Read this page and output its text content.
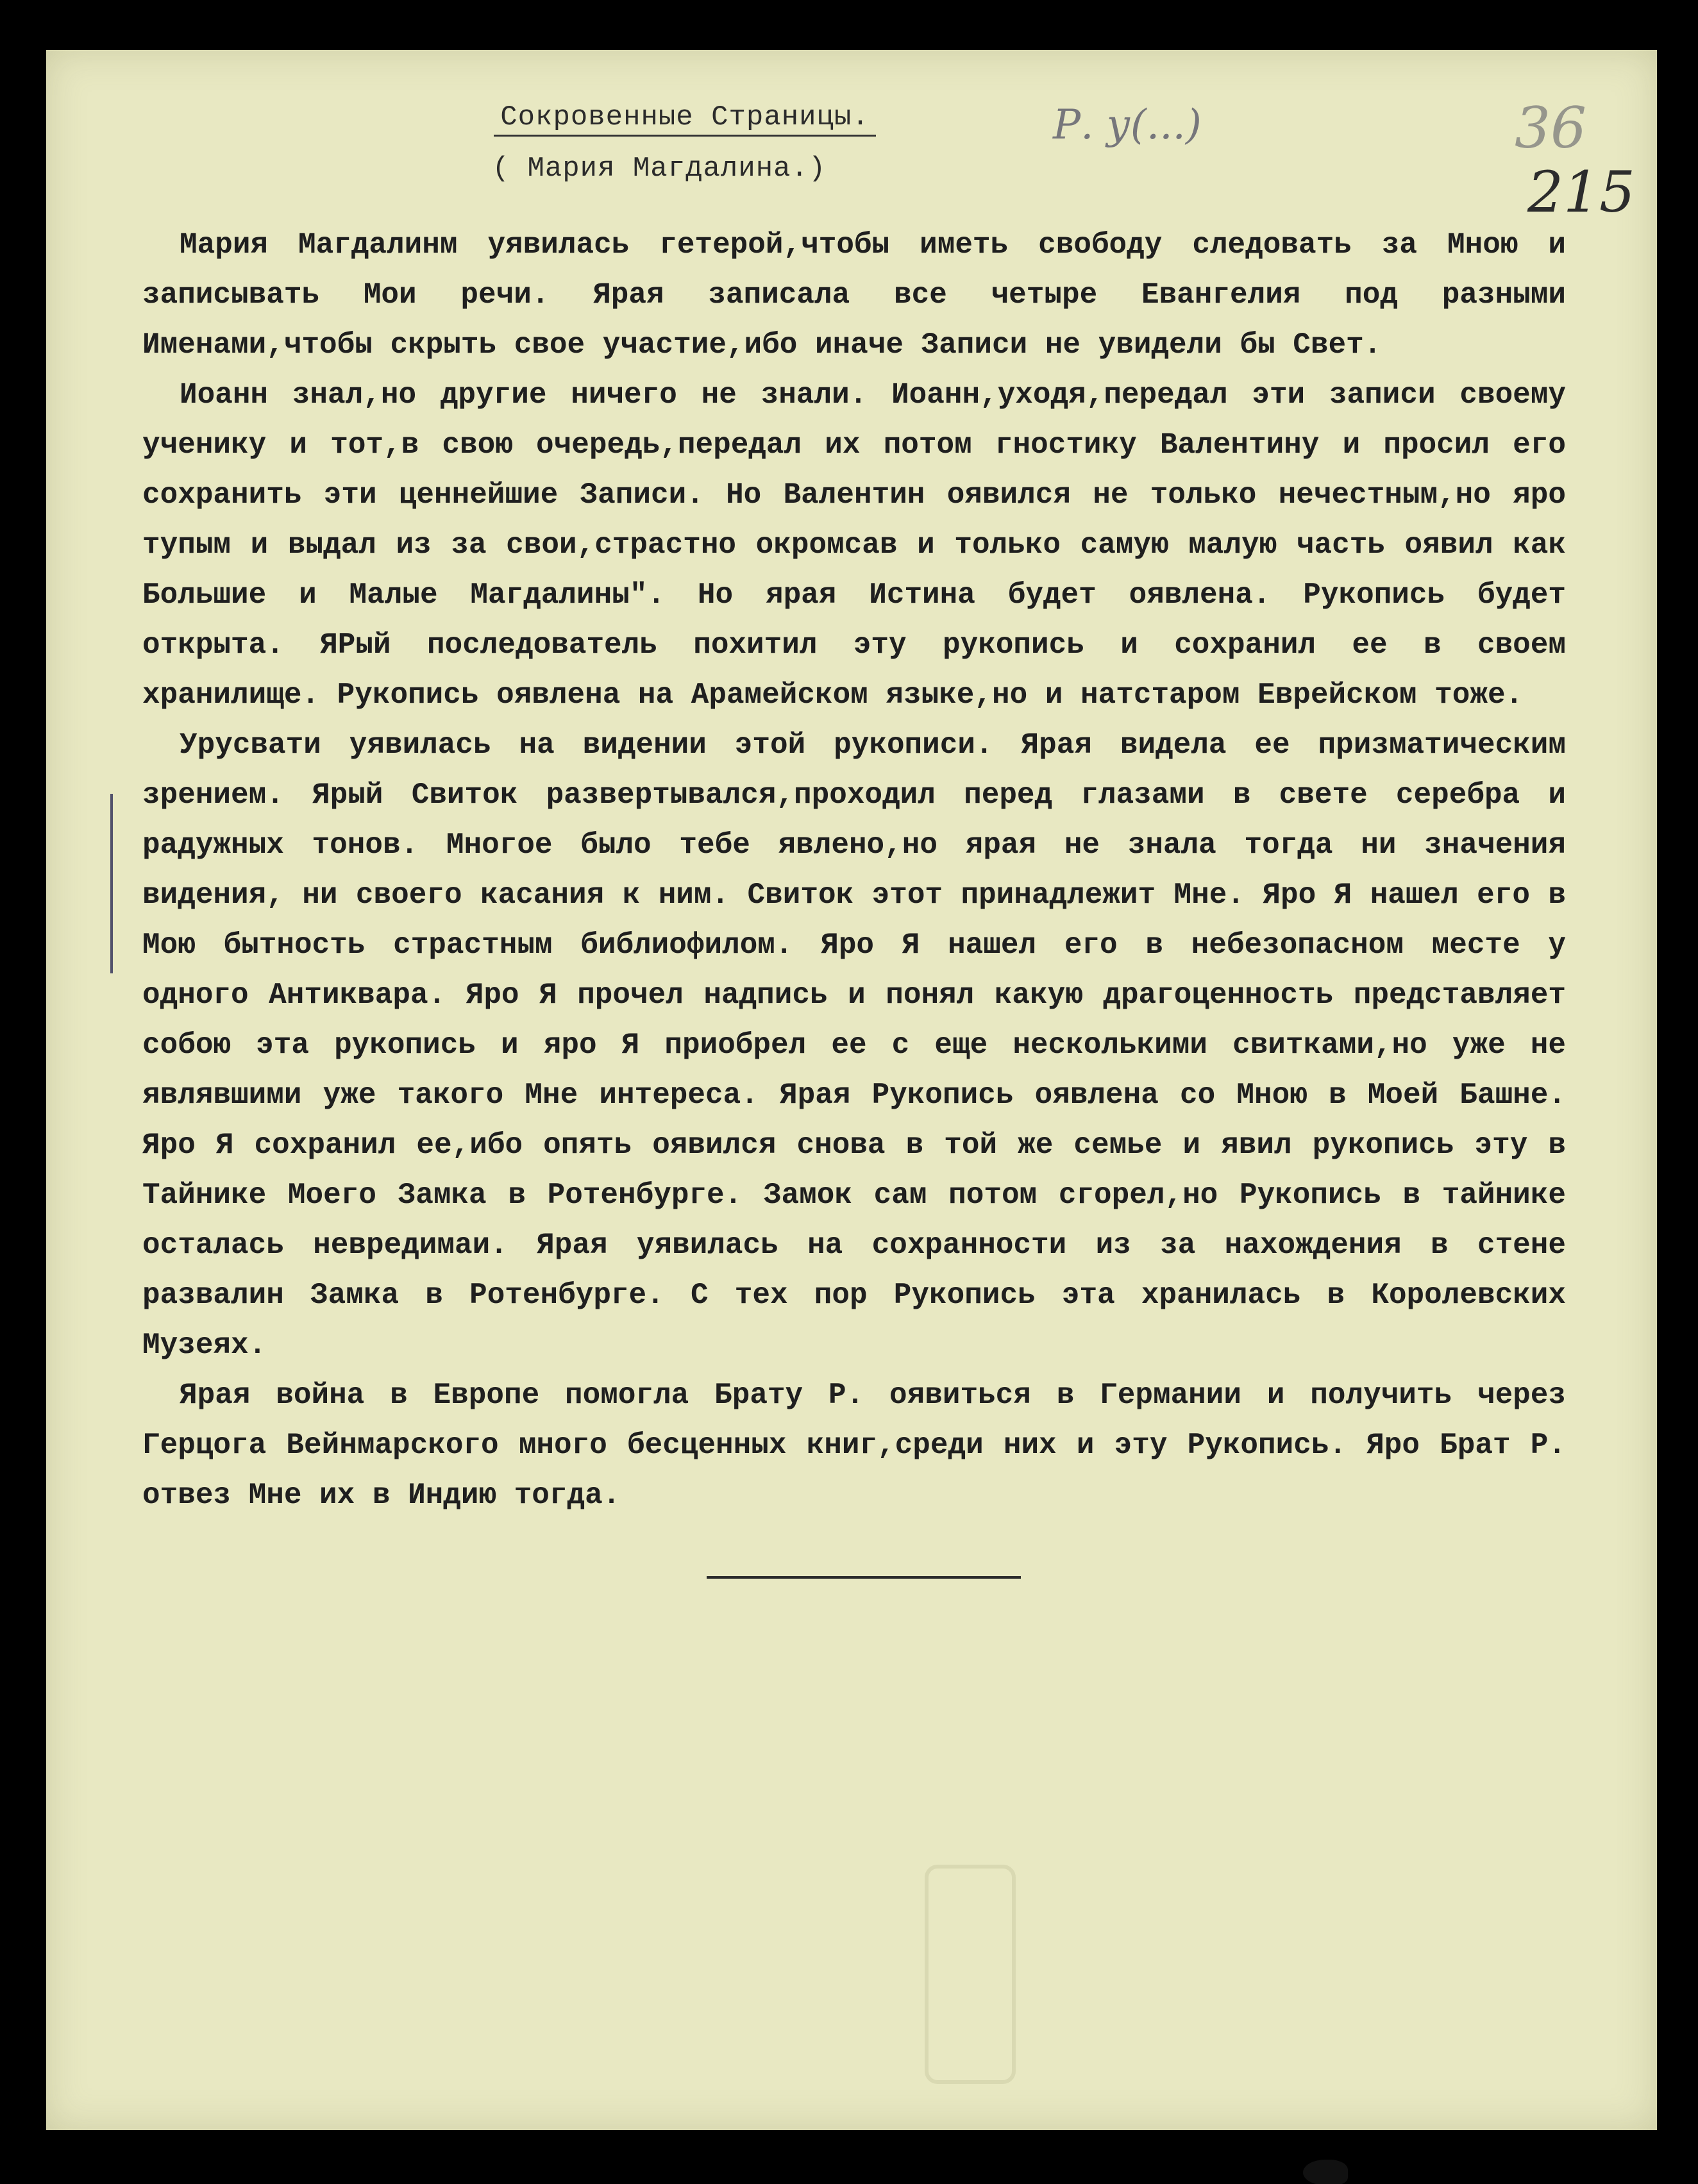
Сокровенные Страницы.
( Мария Магдалина.)
Р. у(...)	36
215

Мария Магдалинм уявилась гетерой,чтобы иметь свободу следовать за Мною и записывать Мои речи. Ярая записала все четыре Евангелия под разными Именами,чтобы скрыть свое участие,ибо иначе Записи не увидели бы Свет.

Иоанн знал,но другие ничего не знали. Иоанн,уходя,передал эти записи своему ученику и тот,в свою очередь,передал их потом гностику Валентину и просил его сохранить эти ценнейшие Записи. Но Валентин оявился не только нечестным,но яро тупым и выдал из за свои,страстно окромсав и только самую малую часть оявил как Большие и Малые Магдалины". Но ярая Истина будет оявлена. Рукопись будет открыта. ЯРый последователь похитил эту рукопись и сохранил ее в своем хранилище. Рукопись оявлена на Арамейском языке,но и натстаром Еврейском тоже.

Урусвати уявилась на видении этой рукописи. Ярая видела ее призматическим зрением. Ярый Свиток развертывался,проходил перед глазами в свете серебра и радужных тонов. Многое было тебе явлено,но ярая не знала тогда ни значения видения, ни своего касания к ним. Свиток этот принадлежит Мне. Яро Я нашел его в Мою бытность страстным библиофилом. Яро Я нашел его в небезопасном месте у одного Антиквара. Яро Я прочел надпись и понял какую драгоценность представляет собою эта рукопись и яро Я приобрел ее с еще несколькими свитками,но уже не являвшими уже такого Мне интереса. Ярая Рукопись оявлена со Мною в Моей Башне. Яро Я сохранил ее,ибо опять оявился снова в той же семье и явил рукопись эту в Тайнике Моего Замка в Ротенбурге. Замок сам потом сгорел,но Рукопись в тайнике осталась невредимаи. Ярая уявилась на сохранности из за нахождения в стене развалин Замка в Ротенбурге. С тех пор Рукопись эта хранилась в Королевских Музеях.

Ярая война в Европе помогла Брату Р. оявиться в Германии и получить через Герцога Вейнмарского много бесценных книг,среди них и эту Рукопись. Яро Брат Р. отвез Мне их в Индию тогда.
